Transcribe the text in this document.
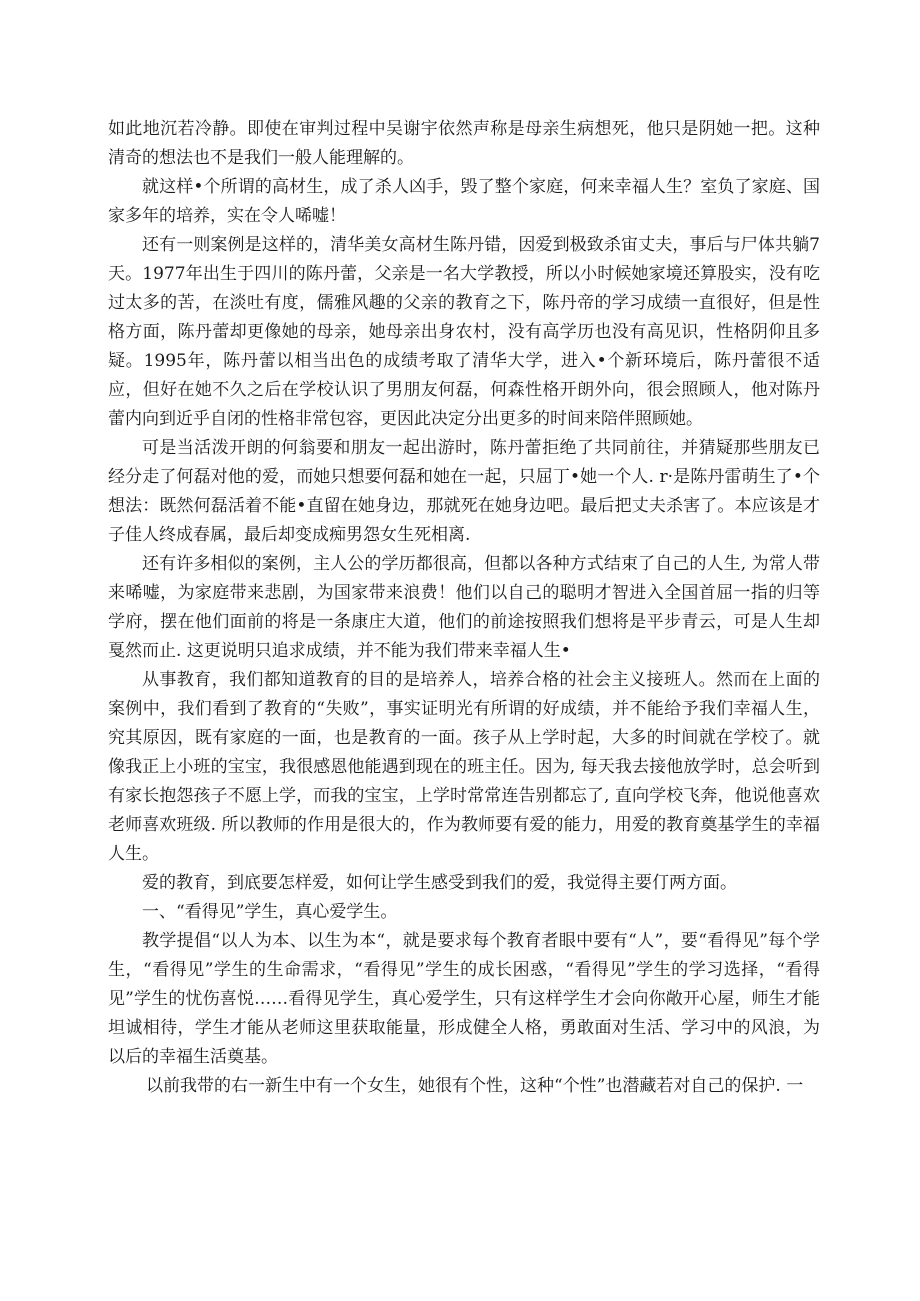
如此地沉若冷静。即使在审判过程中吴谢宇依然声称是母亲生病想死，他只是阴她一把。这种清奇的想法也不是我们一般人能理解的。

就这样•个所谓的高材生，成了杀人凶手，毁了整个家庭，何来幸福人生？室负了家庭、国家多年的培养，实在令人唏嘘！

还有一则案例是这样的，清华美女高材生陈丹错，因爱到极致杀宙丈夫，事后与尸体共躺7天。1977年出生于四川的陈丹蕾，父亲是一名大学教授，所以小时候她家境还算股实，没有吃过太多的苦，在淡吐有度，儒雅风趣的父亲的教育之下，陈丹帝的学习成绩一直很好，但是性格方面，陈丹蕾却更像她的母亲，她母亲出身农村，没有高学历也没有高见识，性格阴仰且多疑。1995年，陈丹蕾以相当出色的成绩考取了清华大学，进入•个新环境后，陈丹蕾很不适应，但好在她不久之后在学校认识了男朋友何磊，何森性格开朗外向，很会照顾人，他对陈丹蕾内向到近乎自闭的性格非常包容，更因此决定分出更多的时间来陪伴照顾她。

可是当活泼开朗的何翁要和朋友一起出游时，陈丹蕾拒绝了共同前往，并猜疑那些朋友已经分走了何磊对他的爱，而她只想要何磊和她在一起，只屈丁•她一个人. r·是陈丹雷萌生了•个想法：既然何磊活着不能•直留在她身边，那就死在她身边吧。最后把丈夫杀害了。本应该是才子佳人终成春属，最后却变成痴男怨女生死相离.

还有许多相似的案例，主人公的学历都很高，但都以各种方式结束了自己的人生, 为常人带来唏嘘，为家庭带来悲剧，为国家带来浪费！他们以自己的聪明才智进入全国首屈一指的归等学府，摆在他们面前的将是一条康庄大道，他们的前途按照我们想将是平步青云，可是人生却戛然而止. 这更说明只追求成绩，并不能为我们带来幸福人生•

从事教育，我们都知道教育的目的是培养人，培养合格的社会主义接班人。然而在上面的案例中，我们看到了教育的“失败”，事实证明光有所谓的好成绩，并不能给予我们幸福人生，究其原因，既有家庭的一面，也是教育的一面。孩子从上学时起，大多的时间就在学校了。就像我正上小班的宝宝，我很感恩他能遇到现在的班主任。因为, 每天我去接他放学时，总会听到有家长抱怨孩子不愿上学，而我的宝宝，上学时常常连告别都忘了, 直向学校飞奔，他说他喜欢老师喜欢班级. 所以教师的作用是很大的，作为教师要有爱的能力，用爱的教育奠基学生的幸福人生。

爱的教育，到底要怎样爱，如何让学生感受到我们的爱，我觉得主要仃两方面。

一、“看得见”学生，真心爱学生。

教学提倡“以人为本、以生为本“，就是要求每个教育者眼中要有“人”，要“看得见”每个学生，“看得见”学生的生命需求，“看得见”学生的成长困惑，“看得见”学生的学习选择，“看得见”学生的忧伤喜悦……看得见学生，真心爱学生，只有这样学生才会向你敞开心屋，师生才能坦诚相待，学生才能从老师这里获取能量，形成健全人格，勇敢面对生活、学习中的风浪，为以后的幸福生活奠基。

以前我带的右一新生中有一个女生，她很有个性，这种“个性”也潜藏若对自己的保护. 一
